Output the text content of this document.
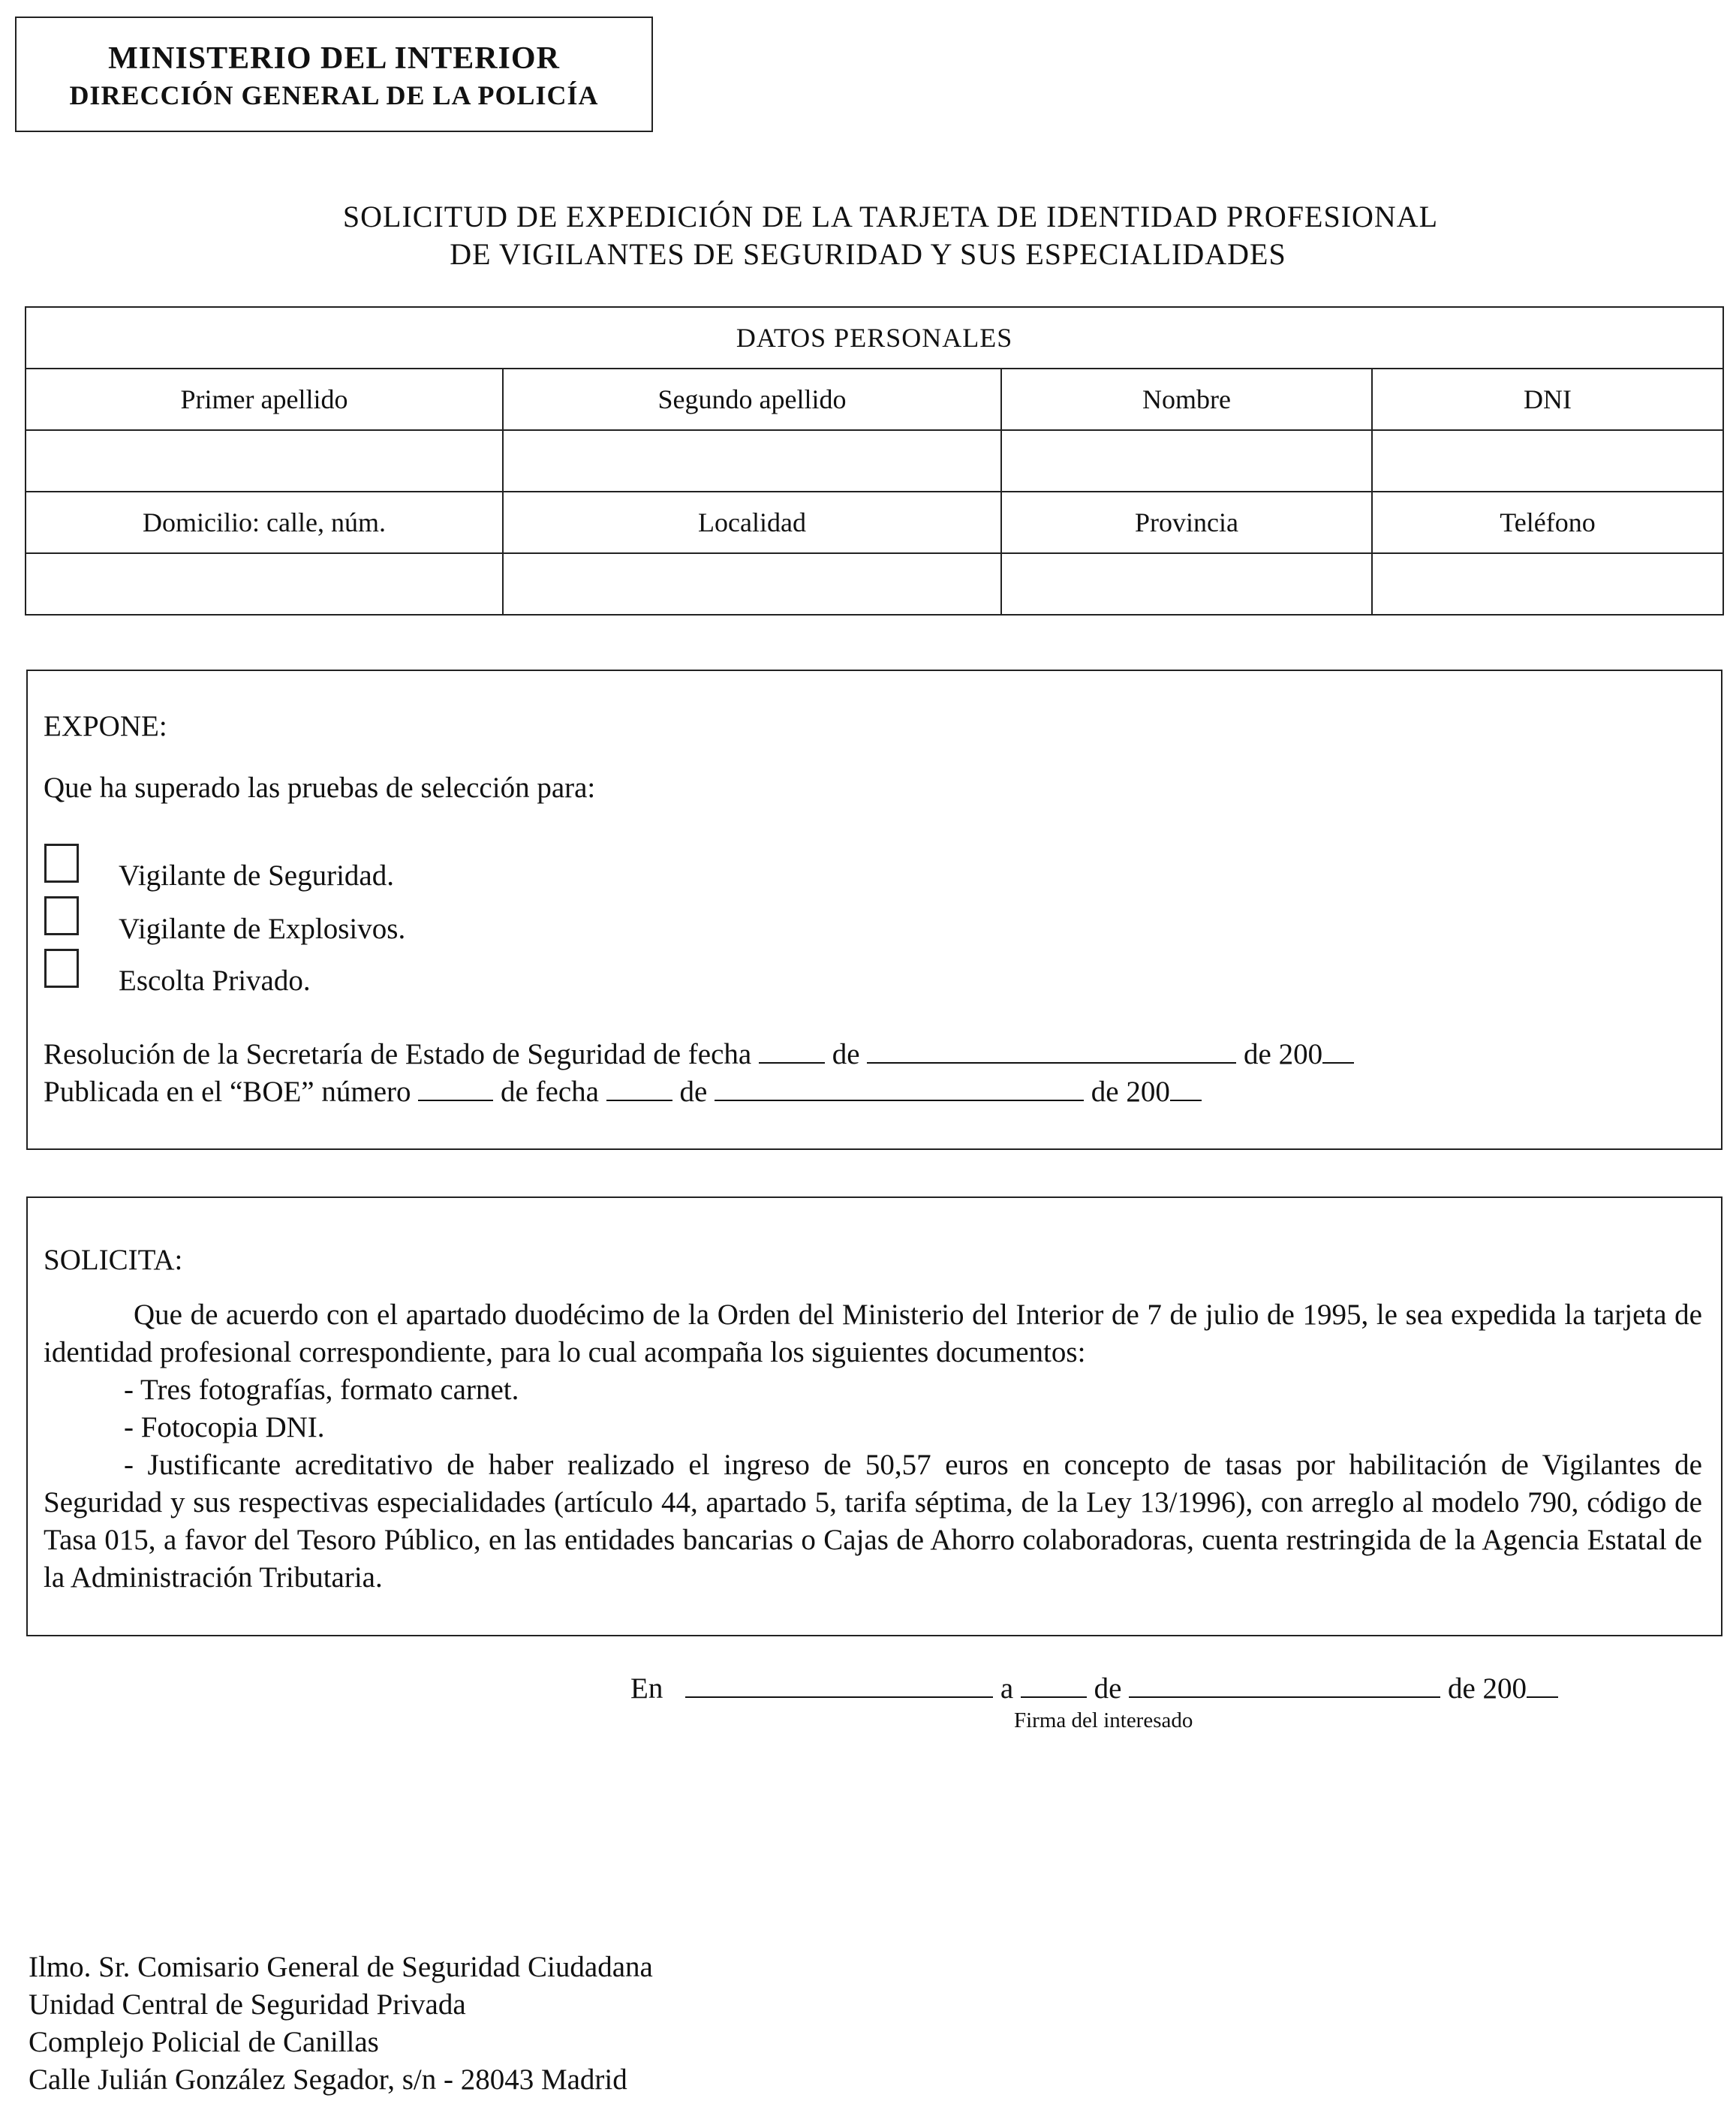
MINISTERIO DEL INTERIOR
DIRECCIÓN GENERAL DE LA POLICÍA
SOLICITUD DE EXPEDICIÓN DE LA TARJETA DE IDENTIDAD PROFESIONAL
DE VIGILANTES DE SEGURIDAD Y SUS ESPECIALIDADES
DATOS PERSONALES			
Primer apellido	Segundo apellido	Nombre	DNI

Domicilio: calle, núm.	Localidad	Provincia	Teléfono

EXPONE:
Que ha superado las pruebas de selección para:
Vigilante de Seguridad.
Vigilante de Explosivos.
Escolta Privado.
Resolución de la Secretaría de Estado de Seguridad de fecha	de	de 200
Publicada en el “BOE” número	de fecha	de	de 200
SOLICITA:
Que de acuerdo con el apartado duodécimo de la Orden del Ministerio del Interior de 7 de julio de 1995, le sea expedida la tarjeta de identidad profesional correspondiente, para lo cual acompaña los siguientes documentos:
- Tres fotografías, formato carnet.
- Fotocopia DNI.
- Justificante acreditativo de haber realizado el ingreso de 50,57 euros en concepto de tasas por habilitación de Vigilantes de Seguridad y sus respectivas especialidades (artículo 44, apartado 5, tarifa séptima, de la Ley 13/1996), con arreglo al modelo 790, código de Tasa 015, a favor del Tesoro Público, en las entidades bancarias o Cajas de Ahorro colaboradoras, cuenta restringida de la Agencia Estatal de la Administración Tributaria.
En	a	de	de 200
Firma del interesado
Ilmo. Sr. Comisario General de Seguridad Ciudadana
Unidad Central de Seguridad Privada
Complejo Policial de Canillas
Calle Julián González Segador, s/n - 28043 Madrid
